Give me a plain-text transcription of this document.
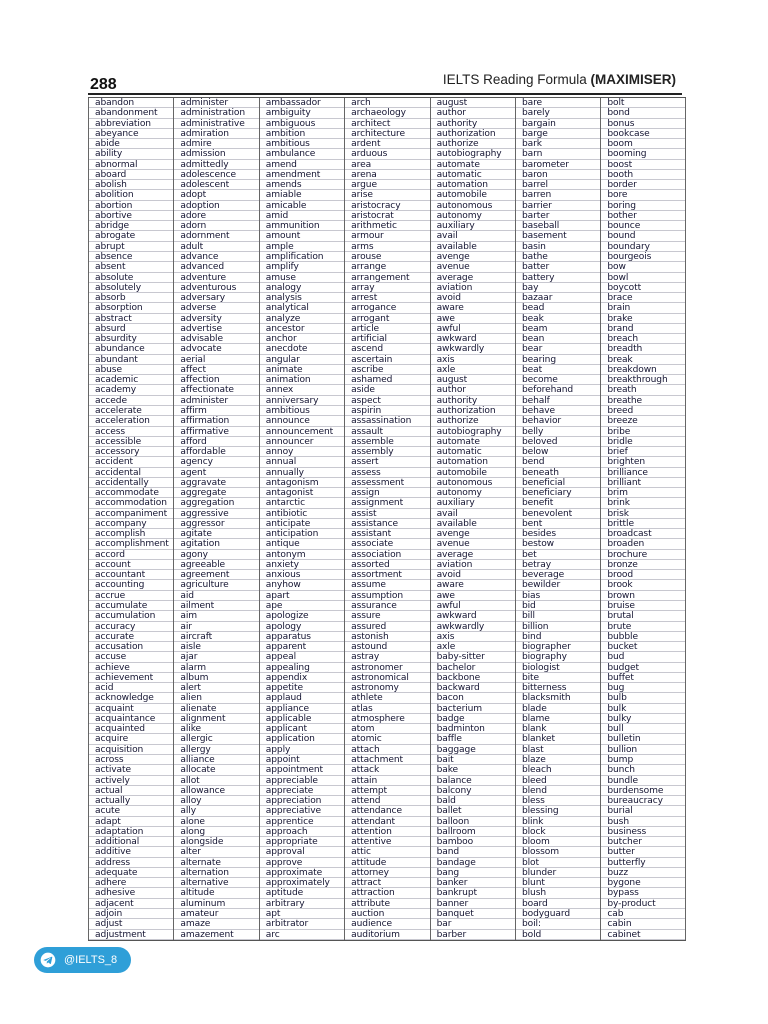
288	IELTS Reading Formula (MAXIMISER)
abandon
abandonment
abbreviation
abeyance
abide
ability
abnormal
aboard
abolish
abolition
abortion
abortive
abridge
abrogate
abrupt
absence
absent
absolute
absolutely
absorb
absorption
abstract
absurd
absurdity
abundance
abundant
abuse
academic
academy
accede
accelerate
acceleration
access
accessible
accessory
accident
accidental
accidentally
accommodate
accommodation
accompaniment
accompany
accomplish
accomplishment
accord
account
accountant
accounting
accrue
accumulate
accumulation
accuracy
accurate
accusation
accuse
achieve
achievement
acid
acknowledge
acquaint
acquaintance
acquainted
acquire
acquisition
across
activate
actively
actual
actually
acute
adapt
adaptation
additional
additive
address
adequate
adhere
adhesive
adjacent
adjoin
adjust
adjustment
administer
administration
administrative
admiration
admire
admission
admittedly
adolescence
adolescent
adopt
adoption
adore
adorn
adornment
adult
advance
advanced
adventure
adventurous
adversary
adverse
adversity
advertise
advisable
advocate
aerial
affect
affection
affectionate
administer
affirm
affirmation
affirmative
afford
affordable
agency
agent
aggravate
aggregate
aggregation
aggressive
aggressor
agitate
agitation
agony
agreeable
agreement
agriculture
aid
ailment
aim
air
aircraft
aisle
ajar
alarm
album
alert
alien
alienate
alignment
alike
allergic
allergy
alliance
allocate
allot
allowance
alloy
ally
alone
along
alongside
alter
alternate
alternation
alternative
altitude
aluminum
amateur
amaze
amazement
ambassador
ambiguity
ambiguous
ambition
ambitious
ambulance
amend
amendment
amends
amiable
amicable
amid
ammunition
amount
ample
amplification
amplify
amuse
analogy
analysis
analytical
analyze
ancestor
anchor
anecdote
angular
animate
animation
annex
anniversary
ambitious
announce
announcement
announcer
annoy
annual
annually
antagonism
antagonist
antarctic
antibiotic
anticipate
anticipation
antique
antonym
anxiety
anxious
anyhow
apart
ape
apologize
apology
apparatus
apparent
appeal
appealing
appendix
appetite
applaud
appliance
applicable
applicant
application
apply
appoint
appointment
appreciable
appreciate
appreciation
appreciative
apprentice
approach
appropriate
approval
approve
approximate
approximately
aptitude
arbitrary
apt
arbitrator
arc
arch
archaeology
architect
architecture
ardent
arduous
area
arena
argue
arise
aristocracy
aristocrat
arithmetic
armour
arms
arouse
arrange
arrangement
array
arrest
arrogance
arrogant
article
artificial
ascend
ascertain
ascribe
ashamed
aside
aspect
aspirin
assassination
assault
assemble
assembly
assert
assess
assessment
assign
assignment
assist
assistance
assistant
associate
association
assorted
assortment
assume
assumption
assurance
assure
assured
astonish
astound
astray
astronomer
astronomical
astronomy
athlete
atlas
atmosphere
atom
atomic
attach
attachment
attack
attain
attempt
attend
attendance
attendant
attention
attentive
attic
attitude
attorney
attract
attraction
attribute
auction
audience
auditorium
august
author
authority
authorization
authorize
autobiography
automate
automatic
automation
automobile
autonomous
autonomy
auxiliary
avail
available
avenge
avenue
average
aviation
avoid
aware
awe
awful
awkward
awkwardly
axis
axle
august
author
authority
authorization
authorize
autobiography
automate
automatic
automation
automobile
autonomous
autonomy
auxiliary
avail
available
avenge
avenue
average
aviation
avoid
aware
awe
awful
awkward
awkwardly
axis
axle
baby-sitter
bachelor
backbone
backward
bacon
bacterium
badge
badminton
baffle
baggage
bait
bake
balance
balcony
bald
ballet
balloon
ballroom
bamboo
band
bandage
bang
banker
bankrupt
banner
banquet
bar
barber
bare
barely
bargain
barge
bark
barn
barometer
baron
barrel
barren
barrier
barter
baseball
basement
basin
bathe
batter
battery
bay
bazaar
bead
beak
beam
bean
bear
bearing
beat
become
beforehand
behalf
behave
behavior
belly
beloved
below
bend
beneath
beneficial
beneficiary
benefit
benevolent
bent
besides
bestow
bet
betray
beverage
bewilder
bias
bid
bill
billion
bind
biographer
biography
biologist
bite
bitterness
blacksmith
blade
blame
blank
blanket
blast
blaze
bleach
bleed
blend
bless
blessing
blink
block
bloom
blossom
blot
blunder
blunt
blush
board
bodyguard
boil:
bold
bolt
bond
bonus
bookcase
boom
booming
boost
booth
border
bore
boring
bother
bounce
bound
boundary
bourgeois
bow
bowl
boycott
brace
brain
brake
brand
breach
breadth
break
breakdown
breakthrough
breath
breathe
breed
breeze
bribe
bridle
brief
brighten
brilliance
brilliant
brim
brink
brisk
brittle
broadcast
broaden
brochure
bronze
brood
brook
brown
bruise
brutal
brute
bubble
bucket
bud
budget
buffet
bug
bulb
bulk
bulky
bull
bulletin
bullion
bump
bunch
bundle
burdensome
bureaucracy
burial
bush
business
butcher
butter
butterfly
buzz
bygone
bypass
by-product
cab
cabin
cabinet
@IELTS_8
